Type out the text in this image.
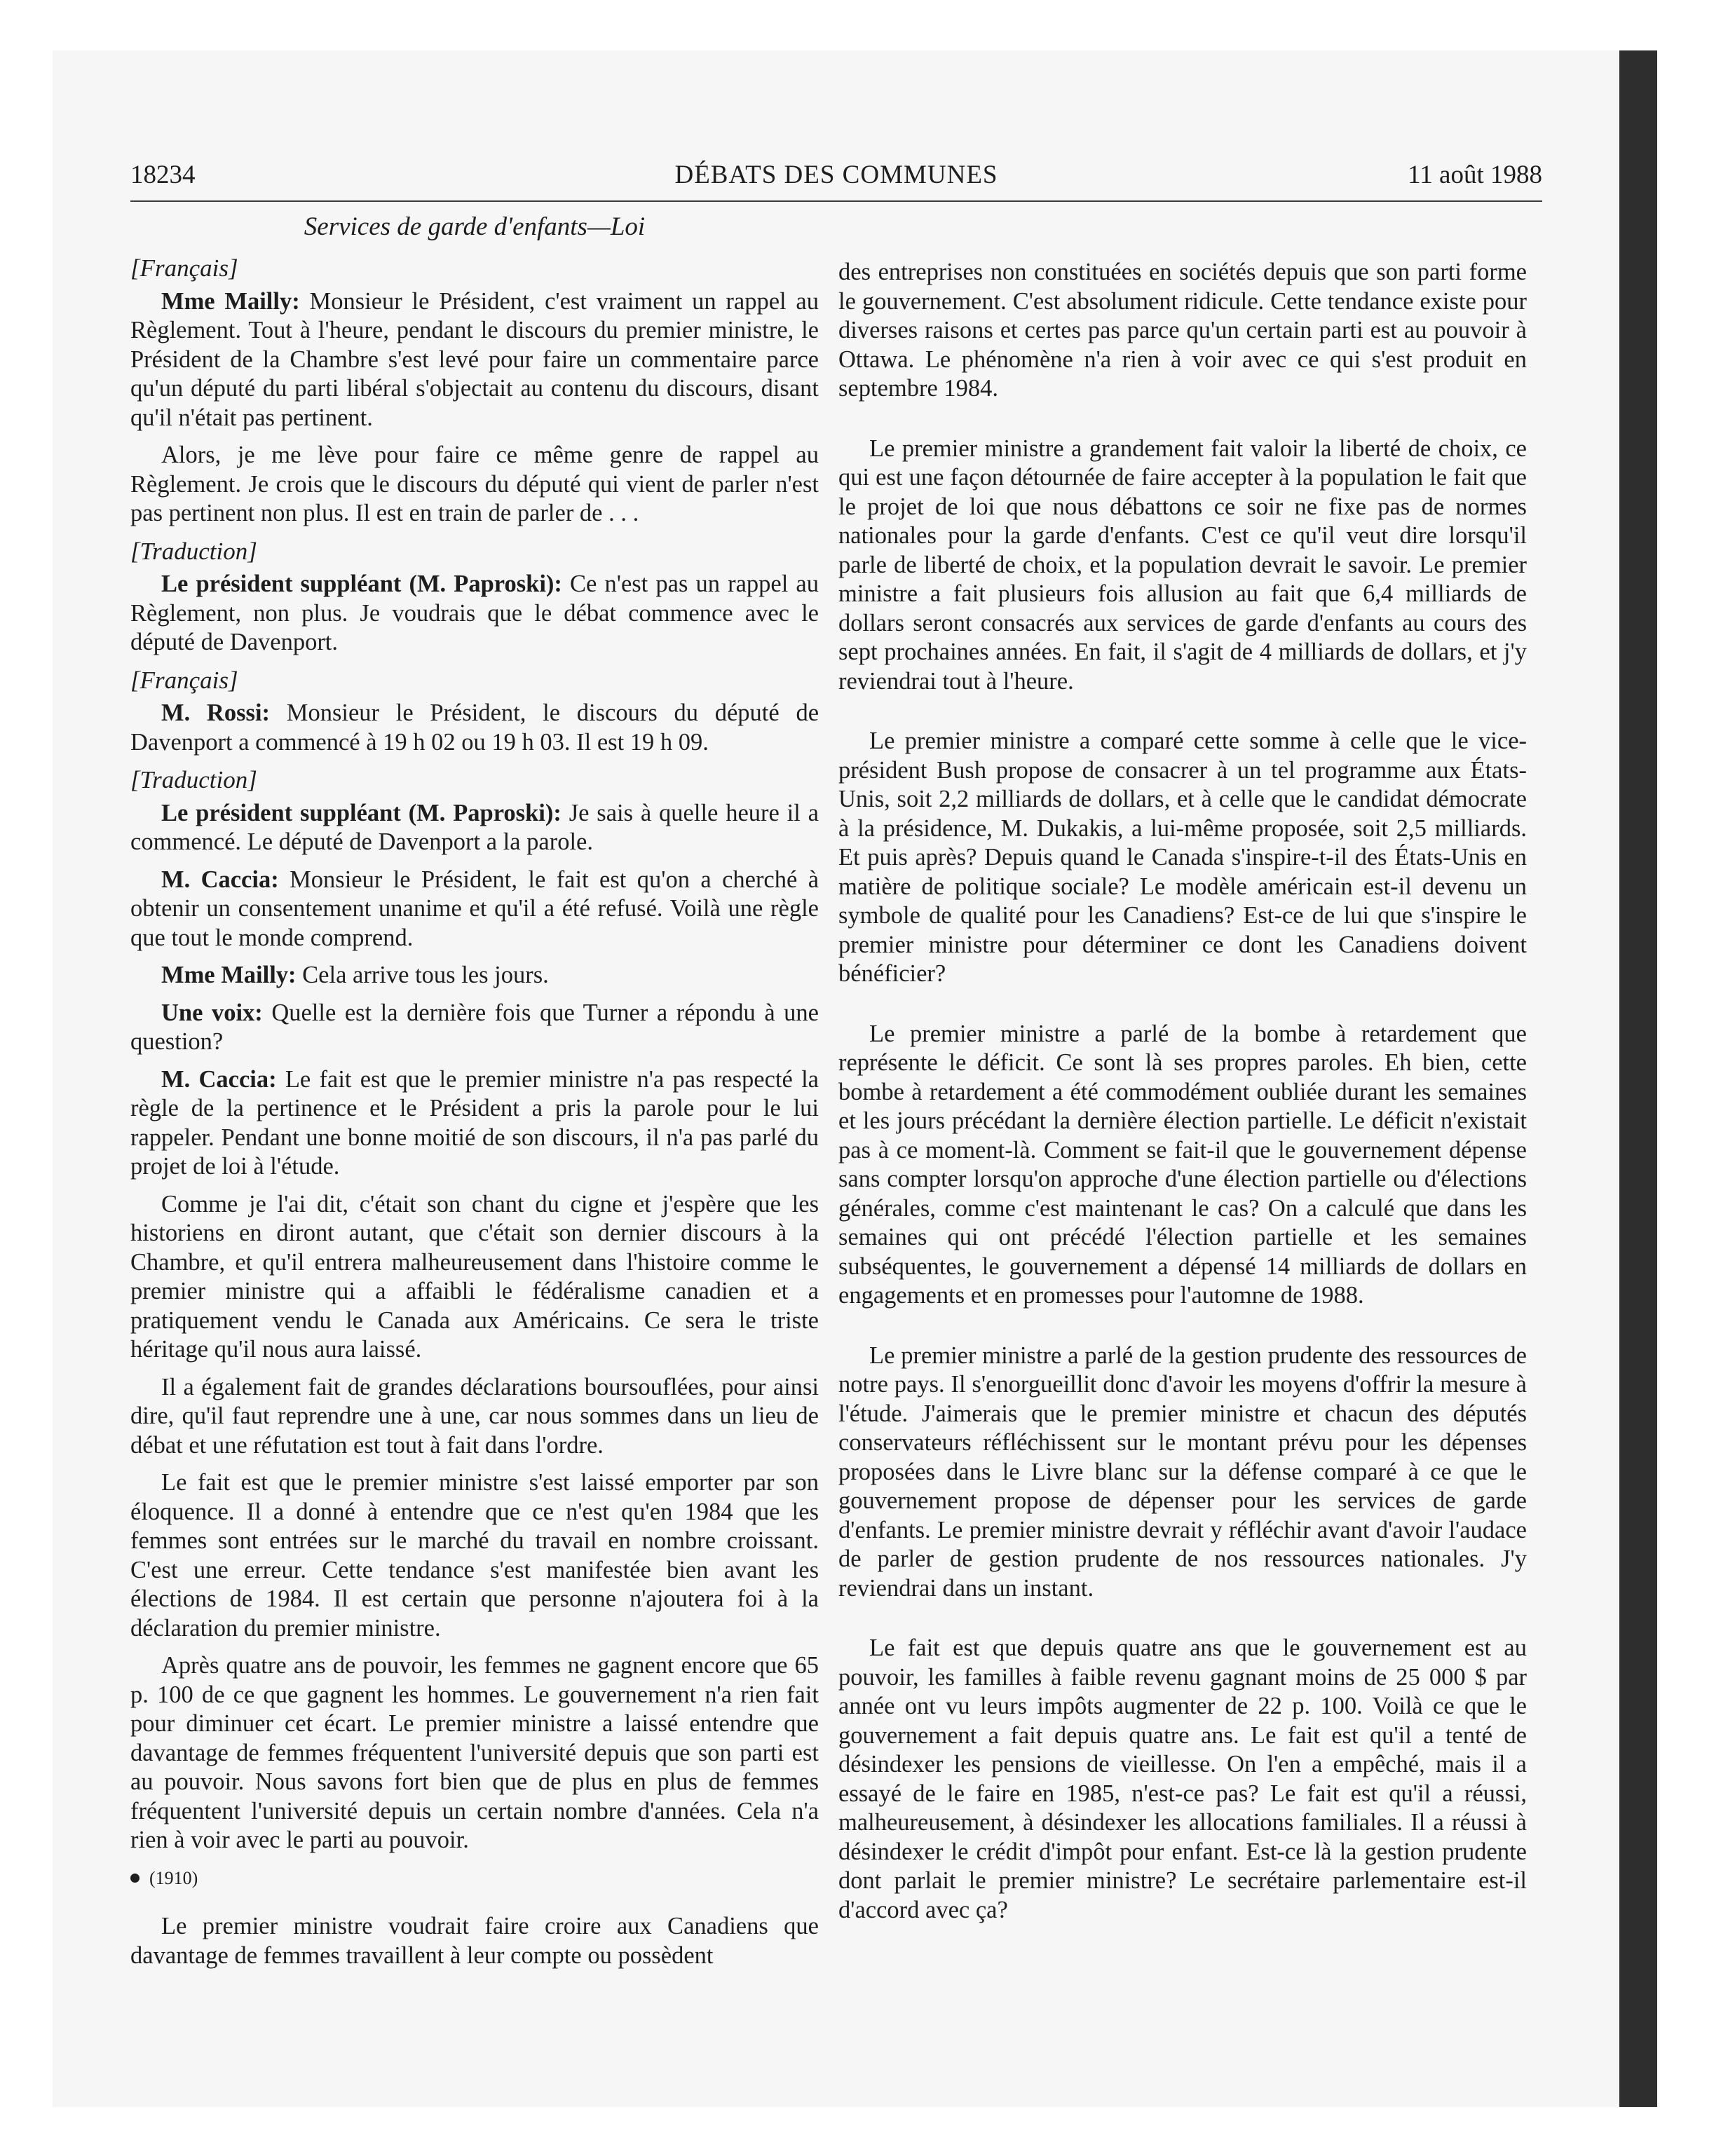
18234	DÉBATS DES COMMUNES	11 août 1988
Services de garde d'enfants—Loi
[Français]

Mme Mailly: Monsieur le Président, c'est vraiment un rappel au Règlement. Tout à l'heure, pendant le discours du premier ministre, le Président de la Chambre s'est levé pour faire un commentaire parce qu'un député du parti libéral s'objectait au contenu du discours, disant qu'il n'était pas pertinent.

Alors, je me lève pour faire ce même genre de rappel au Règlement. Je crois que le discours du député qui vient de parler n'est pas pertinent non plus. Il est en train de parler de . . .

[Traduction]

Le président suppléant (M. Paproski): Ce n'est pas un rappel au Règlement, non plus. Je voudrais que le débat commence avec le député de Davenport.

[Français]

M. Rossi: Monsieur le Président, le discours du député de Davenport a commencé à 19 h 02 ou 19 h 03. Il est 19 h 09.

[Traduction]

Le président suppléant (M. Paproski): Je sais à quelle heure il a commencé. Le député de Davenport a la parole.

M. Caccia: Monsieur le Président, le fait est qu'on a cherché à obtenir un consentement unanime et qu'il a été refusé. Voilà une règle que tout le monde comprend.

Mme Mailly: Cela arrive tous les jours.

Une voix: Quelle est la dernière fois que Turner a répondu à une question?

M. Caccia: Le fait est que le premier ministre n'a pas respecté la règle de la pertinence et le Président a pris la parole pour le lui rappeler. Pendant une bonne moitié de son discours, il n'a pas parlé du projet de loi à l'étude.

Comme je l'ai dit, c'était son chant du cigne et j'espère que les historiens en diront autant, que c'était son dernier discours à la Chambre, et qu'il entrera malheureusement dans l'histoire comme le premier ministre qui a affaibli le fédéralisme canadien et a pratiquement vendu le Canada aux Américains. Ce sera le triste héritage qu'il nous aura laissé.

Il a également fait de grandes déclarations boursouflées, pour ainsi dire, qu'il faut reprendre une à une, car nous sommes dans un lieu de débat et une réfutation est tout à fait dans l'ordre.

Le fait est que le premier ministre s'est laissé emporter par son éloquence. Il a donné à entendre que ce n'est qu'en 1984 que les femmes sont entrées sur le marché du travail en nombre croissant. C'est une erreur. Cette tendance s'est manifestée bien avant les élections de 1984. Il est certain que personne n'ajoutera foi à la déclaration du premier ministre.

Après quatre ans de pouvoir, les femmes ne gagnent encore que 65 p. 100 de ce que gagnent les hommes. Le gouvernement n'a rien fait pour diminuer cet écart. Le premier ministre a laissé entendre que davantage de femmes fréquentent l'université depuis que son parti est au pouvoir. Nous savons fort bien que de plus en plus de femmes fréquentent l'université depuis un certain nombre d'années. Cela n'a rien à voir avec le parti au pouvoir.

(1910)

Le premier ministre voudrait faire croire aux Canadiens que davantage de femmes travaillent à leur compte ou possèdent

des entreprises non constituées en sociétés depuis que son parti forme le gouvernement. C'est absolument ridicule. Cette tendance existe pour diverses raisons et certes pas parce qu'un certain parti est au pouvoir à Ottawa. Le phénomène n'a rien à voir avec ce qui s'est produit en septembre 1984.

Le premier ministre a grandement fait valoir la liberté de choix, ce qui est une façon détournée de faire accepter à la population le fait que le projet de loi que nous débattons ce soir ne fixe pas de normes nationales pour la garde d'enfants. C'est ce qu'il veut dire lorsqu'il parle de liberté de choix, et la population devrait le savoir. Le premier ministre a fait plusieurs fois allusion au fait que 6,4 milliards de dollars seront consacrés aux services de garde d'enfants au cours des sept prochaines années. En fait, il s'agit de 4 milliards de dollars, et j'y reviendrai tout à l'heure.

Le premier ministre a comparé cette somme à celle que le vice-président Bush propose de consacrer à un tel programme aux États-Unis, soit 2,2 milliards de dollars, et à celle que le candidat démocrate à la présidence, M. Dukakis, a lui-même proposée, soit 2,5 milliards. Et puis après? Depuis quand le Canada s'inspire-t-il des États-Unis en matière de politique sociale? Le modèle américain est-il devenu un symbole de qualité pour les Canadiens? Est-ce de lui que s'inspire le premier ministre pour déterminer ce dont les Canadiens doivent bénéficier?

Le premier ministre a parlé de la bombe à retardement que représente le déficit. Ce sont là ses propres paroles. Eh bien, cette bombe à retardement a été commodément oubliée durant les semaines et les jours précédant la dernière élection partielle. Le déficit n'existait pas à ce moment-là. Comment se fait-il que le gouvernement dépense sans compter lorsqu'on approche d'une élection partielle ou d'élections générales, comme c'est maintenant le cas? On a calculé que dans les semaines qui ont précédé l'élection partielle et les semaines subséquentes, le gouvernement a dépensé 14 milliards de dollars en engagements et en promesses pour l'automne de 1988.

Le premier ministre a parlé de la gestion prudente des ressources de notre pays. Il s'enorgueillit donc d'avoir les moyens d'offrir la mesure à l'étude. J'aimerais que le premier ministre et chacun des députés conservateurs réfléchissent sur le montant prévu pour les dépenses proposées dans le Livre blanc sur la défense comparé à ce que le gouvernement propose de dépenser pour les services de garde d'enfants. Le premier ministre devrait y réfléchir avant d'avoir l'audace de parler de gestion prudente de nos ressources nationales. J'y reviendrai dans un instant.

Le fait est que depuis quatre ans que le gouvernement est au pouvoir, les familles à faible revenu gagnant moins de 25 000 $ par année ont vu leurs impôts augmenter de 22 p. 100. Voilà ce que le gouvernement a fait depuis quatre ans. Le fait est qu'il a tenté de désindexer les pensions de vieillesse. On l'en a empêché, mais il a essayé de le faire en 1985, n'est-ce pas? Le fait est qu'il a réussi, malheureusement, à désindexer les allocations familiales. Il a réussi à désindexer le crédit d'impôt pour enfant. Est-ce là la gestion prudente dont parlait le premier ministre? Le secrétaire parlementaire est-il d'accord avec ça?
